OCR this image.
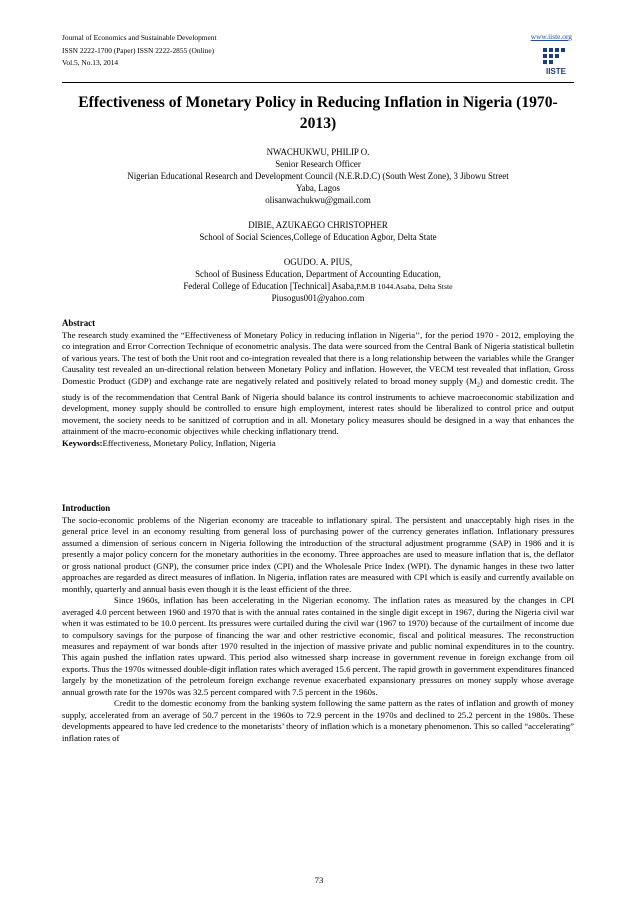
Journal of Economics and Sustainable Development
ISSN 2222-1700 (Paper) ISSN 2222-2855 (Online)
Vol.5, No.13, 2014
www.iiste.org
IISTE
Effectiveness of Monetary Policy in Reducing Inflation in Nigeria (1970-2013)
NWACHUKWU, PHILIP O.
Senior Research Officer
Nigerian Educational Research and Development Council (N.E.R.D.C) (South West Zone), 3 Jibowu Street
Yaba, Lagos
olisanwachukwu@gmail.com
DIBIE, AZUKAEGO CHRISTOPHER
School of Social Sciences,College of Education Agbor, Delta State
OGUDO. A. PIUS,
School of Business Education, Department of Accounting Education,
Federal College of Education [Technical] Asaba,P.M.B 1044.Asaba, Delta Stste
Piusogus001@yahoo.com
Abstract

The research study examined the “Effectiveness of Monetary Policy in reducing inflation in Nigeria’’, for the period 1970 - 2012, employing the co integration and Error Correction Technique of econometric analysis. The data were sourced from the Central Bank of Nigeria statistical bulletin of various years. The test of both the Unit root and co-integration revealed that there is a long relationship between the variables while the Granger Causality test revealed an un-directional relation between Monetary Policy and inflation. However, the VECM test revealed that inflation, Gross Domestic Product (GDP) and exchange rate are negatively related and positively related to broad money supply $(M_2)$ and domestic credit. The study is of the recommendation that Central Bank of Nigeria should balance its control instruments to achieve macroeconomic stabilization and development, money supply should be controlled to ensure high employment, interest rates should be liberalized to control price and output movement, the society needs to be sanitized of corruption and in all. Monetary policy measures should be designed in a way that enhances the attainment of the macro-economic objectives while checking inflationary trend.

Keywords:Effectiveness, Monetary Policy, Inflation, Nigeria

Introduction

The socio-economic problems of the Nigerian economy are traceable to inflationary spiral. The persistent and unacceptably high rises in the general price level in an economy resulting from general loss of purchasing power of the currency generates inflation. Inflationary pressures assumed a dimension of serious concern in Nigeria following the introduction of the structural adjustment programme (SAP) in 1986 and it is presently a major policy concern for the monetary authorities in the economy. Three approaches are used to measure inflation that is, the deflator or gross national product (GNP), the consumer price index (CPI) and the Wholesale Price Index (WPI). The dynamic hanges in these two latter approaches are regarded as direct measures of inflation. In Nigeria, inflation rates are measured with CPI which is easily and currently available on monthly, quarterly and annual basis even though it is the least efficient of the three.

Since 1960s, inflation has been accelerating in the Nigerian economy. The inflation rates as measured by the changes in CPI averaged 4.0 percent between 1960 and 1970 that is with the annual rates contained in the single digit except in 1967, during the Nigeria civil war when it was estimated to be 10.0 percent. Its pressures were curtailed during the civil war (1967 to 1970) because of the curtailment of income due to compulsory savings for the purpose of financing the war and other restrictive economic, fiscal and political measures. The reconstruction measures and repayment of war bonds after 1970 resulted in the injection of massive private and public nominal expenditures in to the country. This again pushed the inflation rates upward. This period also witnessed sharp increase in government revenue in foreign exchange from oil exports. Thus the 1970s witnessed double-digit inflation rates which averaged 15.6 percent. The rapid growth in government expenditures financed largely by the monetization of the petroleum foreign exchange revenue exacerbated expansionary pressures on money supply whose average annual growth rate for the 1970s was 32.5 percent compared with 7.5 percent in the 1960s.

Credit to the domestic economy from the banking system following the same pattern as the rates of inflation and growth of money supply, accelerated from an average of 50.7 percent in the 1960s to 72.9 percent in the 1970s and declined to 25.2 percent in the 1980s. These developments appeared to have led credence to the monetarists’ theory of inflation which is a monetary phenomenon. This so called “accelerating” inflation rates of

73
